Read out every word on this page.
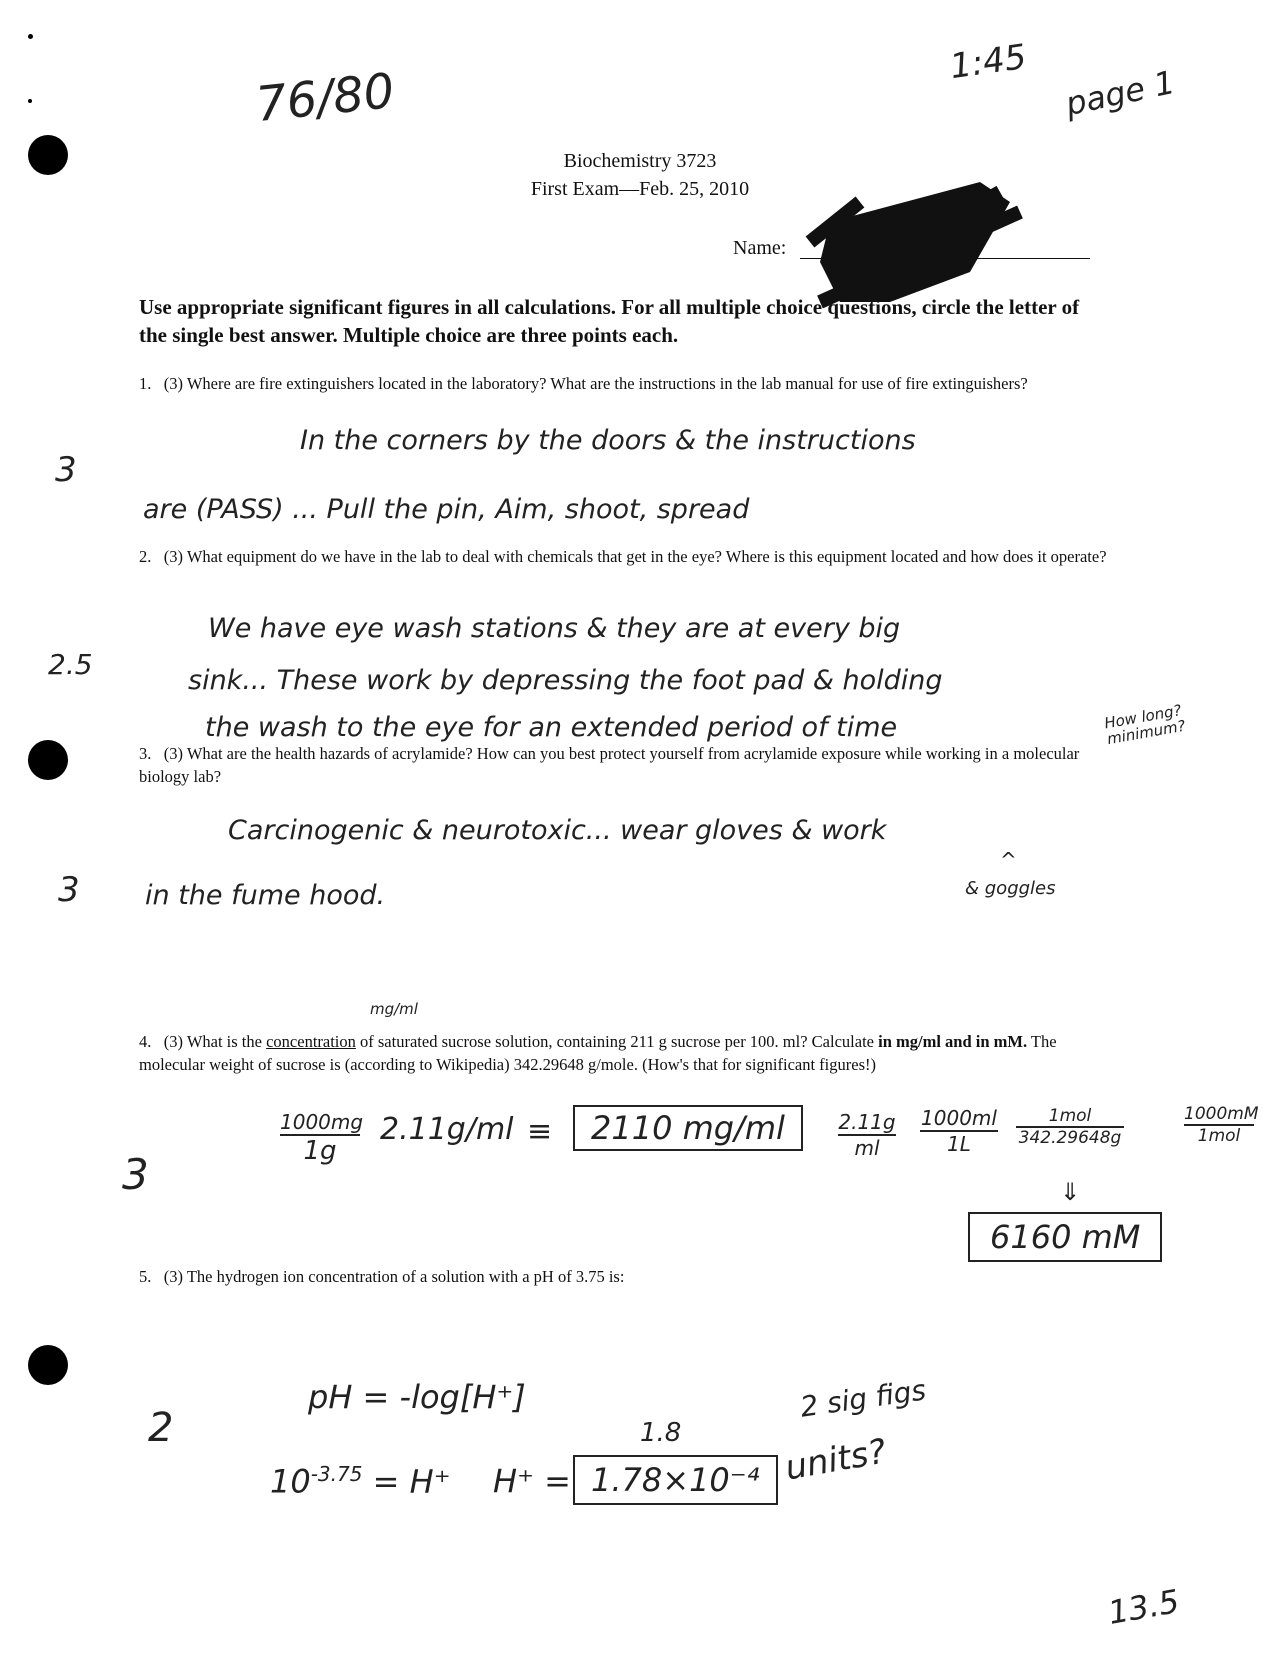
76/80
1:45
page 1
Biochemistry 3723
First Exam—Feb. 25, 2010
Name:
Use appropriate significant figures in all calculations. For all multiple choice questions, circle the letter of the single best answer. Multiple choice are three points each.
1. (3) Where are fire extinguishers located in the laboratory? What are the instructions in the lab manual for use of fire extinguishers?
3
In the corners by the doors & the instructions
are (PASS) ... Pull the pin, Aim, shoot, spread
2. (3) What equipment do we have in the lab to deal with chemicals that get in the eye? Where is this equipment located and how does it operate?
2.5
We have eye wash stations & they are at every big
sink... These work by depressing the foot pad & holding
the wash to the eye for an extended period of time	How long? minimum?
3. (3) What are the health hazards of acrylamide? How can you best protect yourself from acrylamide exposure while working in a molecular biology lab?
3
Carcinogenic & neurotoxic... wear gloves & work
in the fume hood.
^
& goggles
mg/ml
4. (3) What is the concentration of saturated sucrose solution, containing 211 g sucrose per 100. ml? Calculate in mg/ml and in mM. The molecular weight of sucrose is (according to Wikipedia) 342.29648 g/mole. (How's that for significant figures!)
3
1000mg
1g
2.11g/ml ≡	2110 mg/ml	$\frac{2.11g}{ml} \frac{1000ml}{1L}$	1mol
342.29648g
1000mM
1mol
⇓
6160 mM
5. (3) The hydrogen ion concentration of a solution with a pH of 3.75 is:
2
pH = -log[H⁺]
$10^{-3.75} = H^+$ H⁺ =
1.8
1.78×10⁻⁴
2 sig figs
units?
13.5
